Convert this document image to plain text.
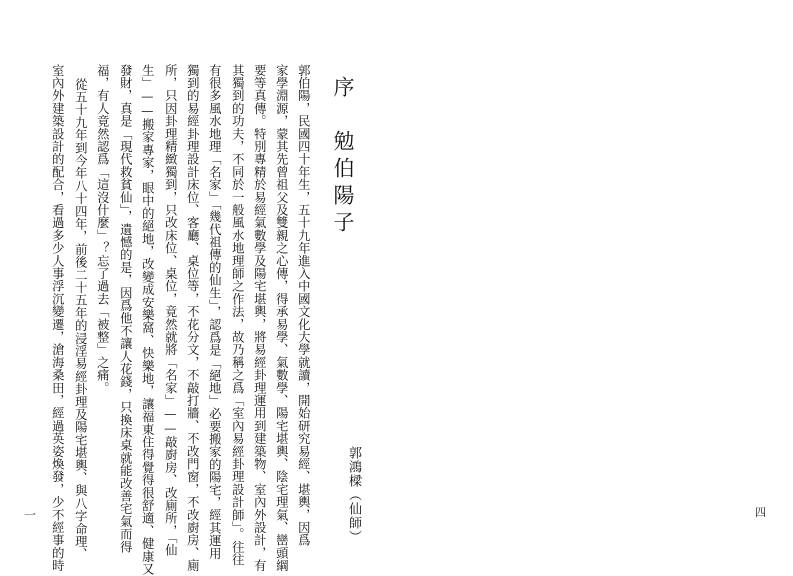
序　勉伯陽子
郭鴻樑（仙師）
郭伯陽，民國四十年生，五十九年進入中國文化大學就讀，開始研究易經、堪輿，因爲
家學淵源，蒙其先曾祖父及雙親之心傳，得承易學、氣數學、陽宅堪輿、陰宅理氣、巒頭綱
要等真傳。特別專精於易經氣數學及陽宅堪輿，將易經卦理運用到建築物、室內外設計，有
其獨到的功夫，不同於一般風水地理師之作法，故乃稱之爲「室內易經卦理設計師」。往往
有很多風水地理「名家」「幾代祖傳的仙生」，認爲是「絕地」必要搬家的陽宅，經其運用
獨到的易經卦理設計床位、客廳、桌位等，不花分文，不敲打牆、不改門窗，不改廚房、廁
所，只因卦理精緻獨到，只改床位、桌位，竟然就將「名家」——敲廚房、改廁所，「仙
生」——搬家專家，眼中的絕地，改變成安樂窩、快樂地，讓福東住得覺得很舒適、健康又
發財，真是「現代救貧仙」，遺憾的是，因爲他不讓人花錢，只換床桌就能改善宅氣而得
福，有人竟然認爲「這沒什麼」？忘了過去「被整」之痛。
從五十九年到今年八十四年，前後二十五年的浸淫易經卦理及陽宅堪輿、與八字命理、
室內外建築設計的配合，看過多少人事浮沉變遷，滄海桑田，經過英姿煥發，少不經事的時	四
一
